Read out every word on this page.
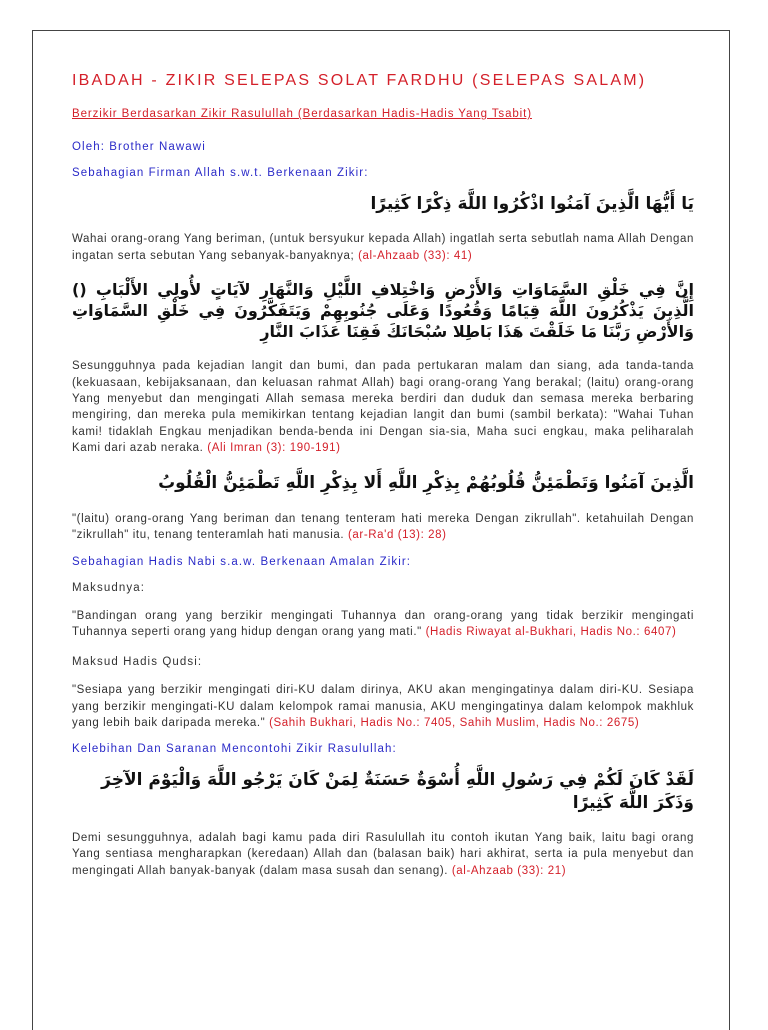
IBADAH - ZIKIR SELEPAS SOLAT FARDHU (SELEPAS SALAM)
Berzikir Berdasarkan Zikir Rasulullah (Berdasarkan Hadis-Hadis Yang Tsabit)
Oleh: Brother Nawawi
Sebahagian Firman Allah s.w.t. Berkenaan Zikir:
يَا أَيُّهَا الَّذِينَ آمَنُوا اذْكُرُوا اللَّهَ ذِكْرًا كَثِيرًا

Wahai orang-orang Yang beriman, (untuk bersyukur kepada Allah) ingatlah serta sebutlah nama Allah Dengan ingatan serta sebutan Yang sebanyak-banyaknya; (al-Ahzaab (33): 41)

إِنَّ فِي خَلْقِ السَّمَاوَاتِ وَالأَرْضِ وَاخْتِلافِ اللَّيْلِ وَالنَّهَارِ لآيَاتٍ لأُولِي الأَلْبَابِ () الَّذِينَ يَذْكُرُونَ اللَّهَ قِيَامًا وَقُعُودًا وَعَلَى جُنُوبِهِمْ وَيَتَفَكَّرُونَ فِي خَلْقِ السَّمَاوَاتِ وَالأَرْضِ رَبَّنَا مَا خَلَقْتَ هَذَا بَاطِلا سُبْحَانَكَ فَقِنَا عَذَابَ النَّارِ

Sesungguhnya pada kejadian langit dan bumi, dan pada pertukaran malam dan siang, ada tanda-tanda (kekuasaan, kebijaksanaan, dan keluasan rahmat Allah) bagi orang-orang Yang berakal; (laitu) orang-orang Yang menyebut dan mengingati Allah semasa mereka berdiri dan duduk dan semasa mereka berbaring mengiring, dan mereka pula memikirkan tentang kejadian langit dan bumi (sambil berkata): "Wahai Tuhan kami! tidaklah Engkau menjadikan benda-benda ini Dengan sia-sia, Maha suci engkau, maka peliharalah Kami dari azab neraka. (Ali Imran (3): 190-191)

الَّذِينَ آمَنُوا وَتَطْمَئِنُّ قُلُوبُهُمْ بِذِكْرِ اللَّهِ أَلا بِذِكْرِ اللَّهِ تَطْمَئِنُّ الْقُلُوبُ

"(laitu) orang-orang Yang beriman dan tenang tenteram hati mereka Dengan zikrullah". ketahuilah Dengan "zikrullah" itu, tenang tenteramlah hati manusia. (ar-Ra'd (13): 28)

Sebahagian Hadis Nabi s.a.w. Berkenaan Amalan Zikir:
Maksudnya:

"Bandingan orang yang berzikir mengingati Tuhannya dan orang-orang yang tidak berzikir mengingati Tuhannya seperti orang yang hidup dengan orang yang mati." (Hadis Riwayat al-Bukhari, Hadis No.: 6407)

Maksud Hadis Qudsi:

"Sesiapa yang berzikir mengingati diri-KU dalam dirinya, AKU akan mengingatinya dalam diri-KU. Sesiapa yang berzikir mengingati-KU dalam kelompok ramai manusia, AKU mengingatinya dalam kelompok makhluk yang lebih baik daripada mereka." (Sahih Bukhari, Hadis No.: 7405, Sahih Muslim, Hadis No.: 2675)

Kelebihan Dan Saranan Mencontohi Zikir Rasulullah:
لَقَدْ كَانَ لَكُمْ فِي رَسُولِ اللَّهِ أُسْوَةٌ حَسَنَةٌ لِمَنْ كَانَ يَرْجُو اللَّهَ وَالْيَوْمَ الآخِرَ وَذَكَرَ اللَّهَ كَثِيرًا

Demi sesungguhnya, adalah bagi kamu pada diri Rasulullah itu contoh ikutan Yang baik, laitu bagi orang Yang sentiasa mengharapkan (keredaan) Allah dan (balasan baik) hari akhirat, serta ia pula menyebut dan mengingati Allah banyak-banyak (dalam masa susah dan senang). (al-Ahzaab (33): 21)
